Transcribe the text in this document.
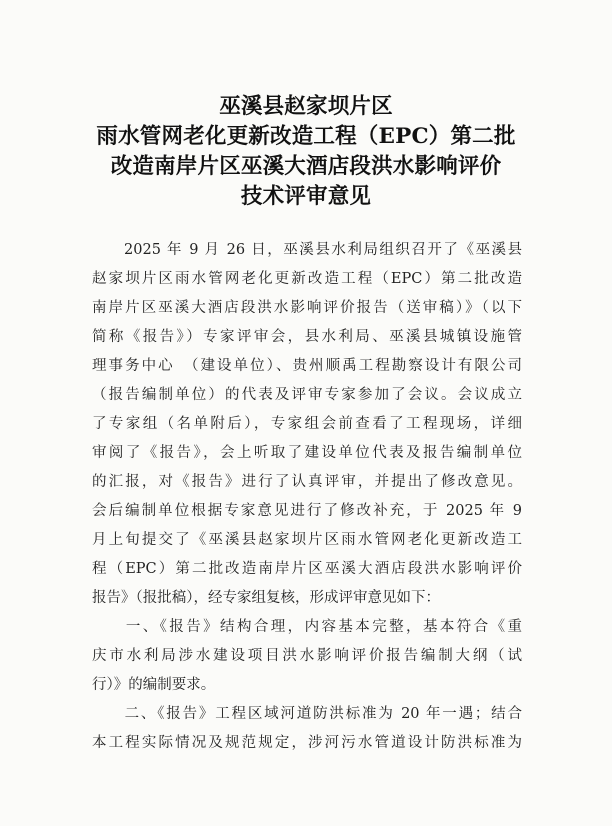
巫溪县赵家坝片区
雨水管网老化更新改造工程（EPC）第二批
改造南岸片区巫溪大酒店段洪水影响评价
技术评审意见
　　2025 年 9 月 26 日，巫溪县水利局组织召开了《巫溪县
赵家坝片区雨水管网老化更新改造工程（EPC）第二批改造
南岸片区巫溪大酒店段洪水影响评价报告（送审稿）》（以下
简称《报告》）专家评审会，县水利局、巫溪县城镇设施管
理事务中心　（建设单位）、贵州顺禹工程勘察设计有限公司
（报告编制单位）的代表及评审专家参加了会议。会议成立
了专家组（名单附后），专家组会前查看了工程现场，详细
审阅了《报告》，会上听取了建设单位代表及报告编制单位
的汇报，对《报告》进行了认真评审，并提出了修改意见。
会后编制单位根据专家意见进行了修改补充，于 2025 年 9
月上旬提交了《巫溪县赵家坝片区雨水管网老化更新改造工
程（EPC）第二批改造南岸片区巫溪大酒店段洪水影响评价
报告》（报批稿），经专家组复核，形成评审意见如下：
　　一、《报告》结构合理，内容基本完整，基本符合《重
庆市水利局涉水建设项目洪水影响评价报告编制大纲（试
行）》的编制要求。
　　二、《报告》工程区域河道防洪标准为 20 年一遇；结合
本工程实际情况及规范规定，涉河污水管道设计防洪标准为
